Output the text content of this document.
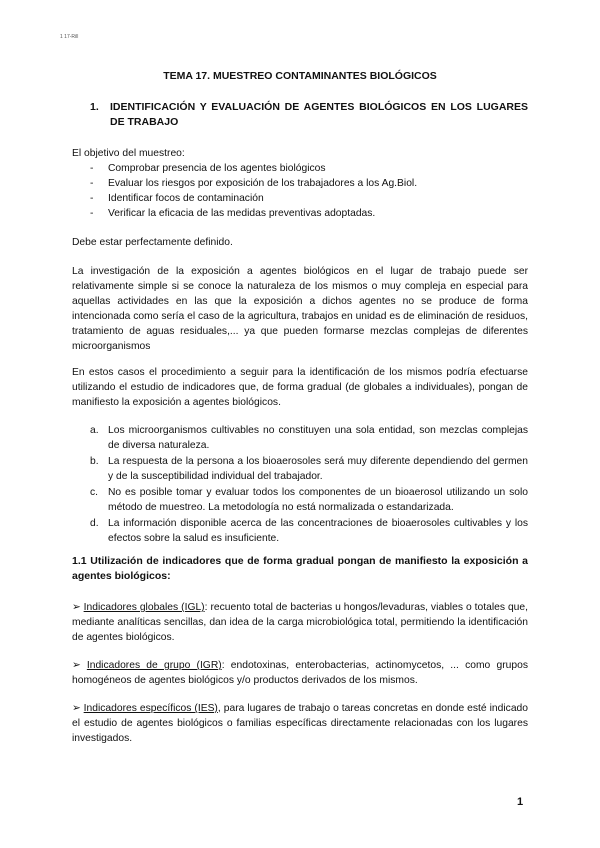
1 17-Rill
TEMA 17. MUESTREO CONTAMINANTES BIOLÓGICOS
1.	IDENTIFICACIÓN Y EVALUACIÓN DE AGENTES BIOLÓGICOS EN LOS LUGARES DE TRABAJO
El objetivo del muestreo:
- Comprobar presencia de los agentes biológicos
- Evaluar los riesgos por exposición de los trabajadores a los Ag.Biol.
- Identificar focos de contaminación
- Verificar la eficacia de las medidas preventivas adoptadas.
Debe estar perfectamente definido.
La investigación de la exposición a agentes biológicos en el lugar de trabajo puede ser relativamente simple si se conoce la naturaleza de los mismos o muy compleja en especial para aquellas actividades en las que la exposición a dichos agentes no se produce de forma intencionada como sería el caso de la agricultura, trabajos en unidad es de eliminación de residuos, tratamiento de aguas residuales,... ya que pueden formarse mezclas complejas de diferentes microorganismos
En estos casos el procedimiento a seguir para la identificación de los mismos podría efectuarse utilizando el estudio de indicadores que, de forma gradual (de globales a individuales), pongan de manifiesto la exposición a agentes biológicos.
a. Los microorganismos cultivables no constituyen una sola entidad, son mezclas complejas de diversa naturaleza.
b. La respuesta de la persona a los bioaerosoles será muy diferente dependiendo del germen y de la susceptibilidad individual del trabajador.
c. No es posible tomar y evaluar todos los componentes de un bioaerosol utilizando un solo método de muestreo. La metodología no está normalizada o estandarizada.
d. La información disponible acerca de las concentraciones de bioaerosoles cultivables y los efectos sobre la salud es insuficiente.
1.1 Utilización de indicadores que de forma gradual pongan de manifiesto la exposición a agentes biológicos:
➢ Indicadores globales (IGL): recuento total de bacterias u hongos/levaduras, viables o totales que, mediante analíticas sencillas, dan idea de la carga microbiológica total, permitiendo la identificación de agentes biológicos.
➢ Indicadores de grupo (IGR): endotoxinas, enterobacterias, actinomycetos, ... como grupos homogéneos de agentes biológicos y/o productos derivados de los mismos.
➢ Indicadores específicos (IES), para lugares de trabajo o tareas concretas en donde esté indicado el estudio de agentes biológicos o familias específicas directamente relacionadas con los lugares investigados.
1
